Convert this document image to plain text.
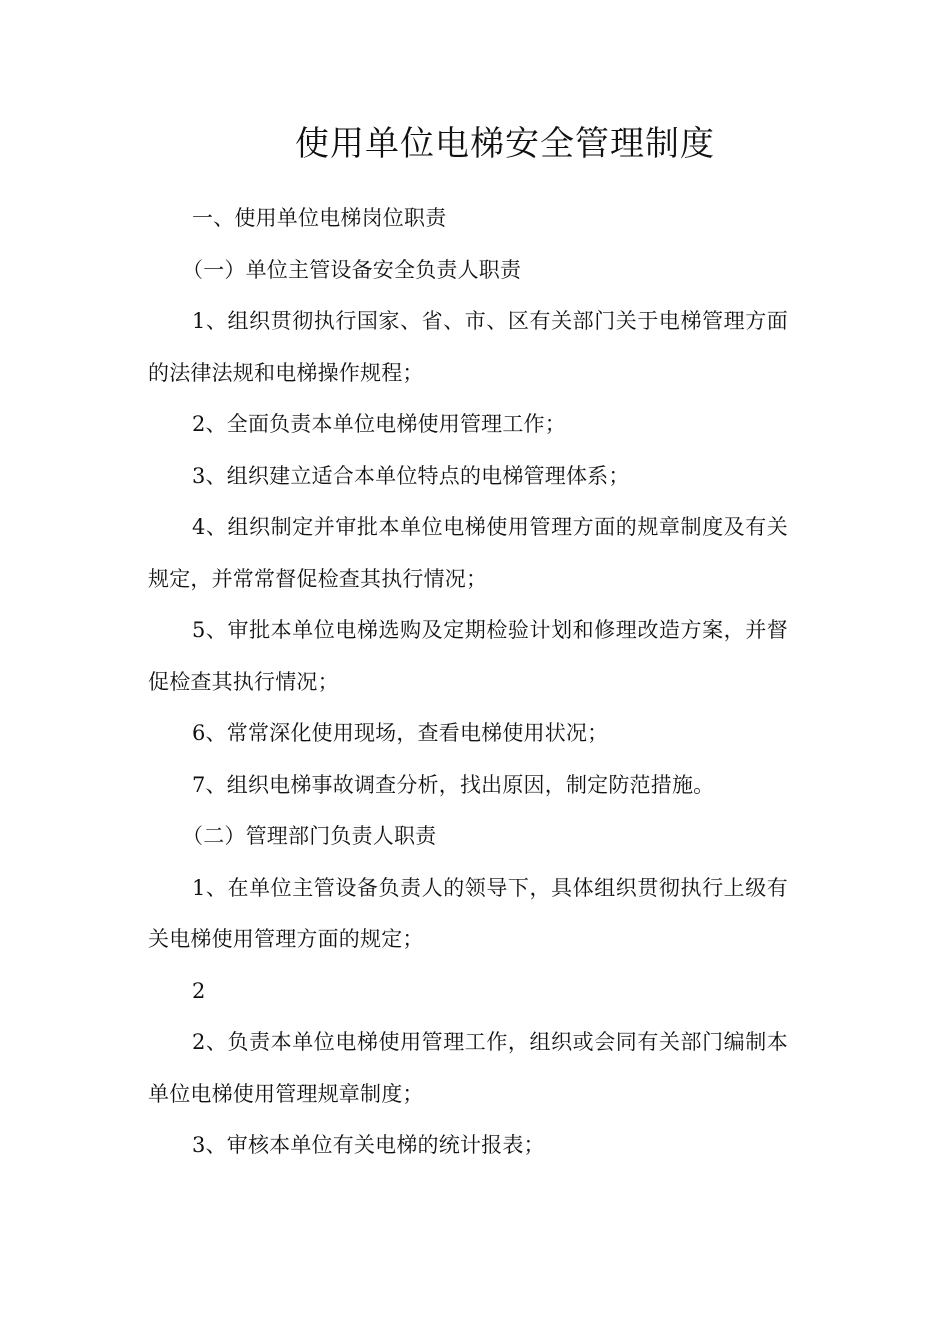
使用单位电梯安全管理制度

一、使用单位电梯岗位职责

（一）单位主管设备安全负责人职责

1、组织贯彻执行国家、省、市、区有关部门关于电梯管理方面的法律法规和电梯操作规程；

2、全面负责本单位电梯使用管理工作；

3、组织建立适合本单位特点的电梯管理体系；

4、组织制定并审批本单位电梯使用管理方面的规章制度及有关规定，并常常督促检查其执行情况；

5、审批本单位电梯选购及定期检验计划和修理改造方案，并督促检查其执行情况；

6、常常深化使用现场，查看电梯使用状况；

7、组织电梯事故调查分析，找出原因，制定防范措施。

（二）管理部门负责人职责

1、在单位主管设备负责人的领导下，具体组织贯彻执行上级有关电梯使用管理方面的规定；

2

2、负责本单位电梯使用管理工作，组织或会同有关部门编制本单位电梯使用管理规章制度；

3、审核本单位有关电梯的统计报表；
